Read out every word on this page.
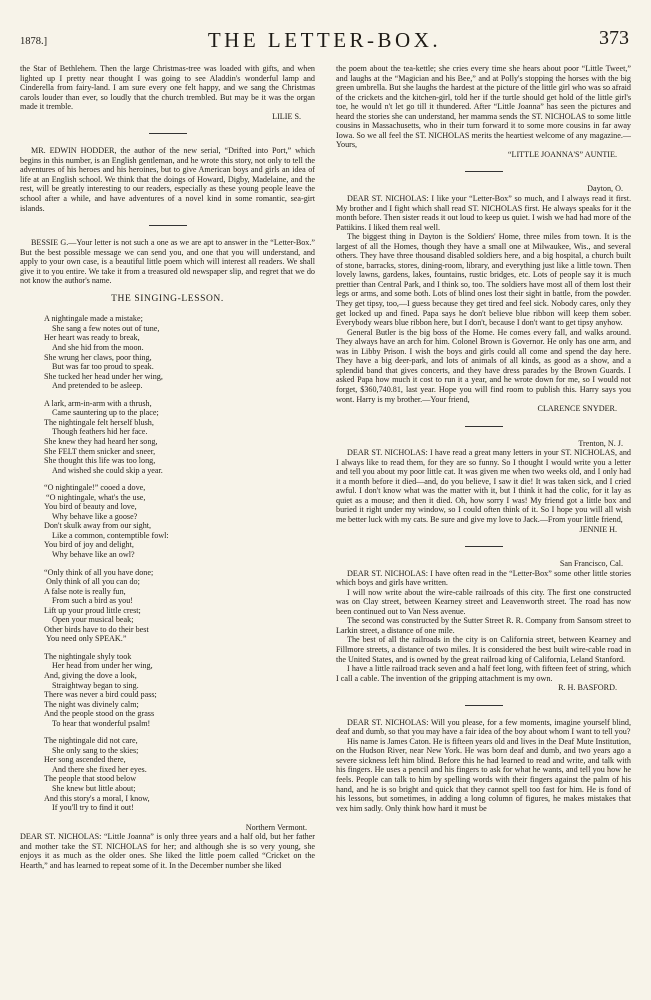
1878.]	THE LETTER-BOX.	373

the Star of Bethlehem. Then the large Christmas-tree was loaded with gifts, and when lighted up I pretty near thought I was going to see Aladdin's wonderful lamp and Cinderella from fairy-land. I am sure every one felt happy, and we sang the Christmas carols louder than ever, so loudly that the church trembled. But may be it was the organ made it tremble.

LILIE S.

MR. EDWIN HODDER, the author of the new serial, “Drifted into Port,” which begins in this number, is an English gentleman, and he wrote this story, not only to tell the adventures of his heroes and his heroines, but to give American boys and girls an idea of life at an English school. We think that the doings of Howard, Digby, Madelaine, and the rest, will be greatly interesting to our readers, especially as these young people leave the school after a while, and have adventures of a novel kind in some romantic, sea-girt islands.

BESSIE G.—Your letter is not such a one as we are apt to answer in the “Letter-Box.” But the best possible message we can send you, and one that you will understand, and apply to your own case, is a beautiful little poem which will interest all readers. We shall give it to you entire. We take it from a treasured old newspaper slip, and regret that we do not know the author's name.

THE SINGING-LESSON.
A nightingale made a mistake;
She sang a few notes out of tune,
Her heart was ready to break,
And she hid from the moon.
She wrung her claws, poor thing,
But was far too proud to speak.
She tucked her head under her wing,
And pretended to be asleep.
A lark, arm-in-arm with a thrush,
Came sauntering up to the place;
The nightingale felt herself blush,
Though feathers hid her face.
She knew they had heard her song,
She FELT them snicker and sneer,
She thought this life was too long,
And wished she could skip a year.
“O nightingale!” cooed a dove,
“O nightingale, what's the use,
You bird of beauty and love,
Why behave like a goose?
Don't skulk away from our sight,
Like a common, contemptible fowl:
You bird of joy and delight,
Why behave like an owl?
“Only think of all you have done;
Only think of all you can do;
A false note is really fun,
From such a bird as you!
Lift up your proud little crest;
Open your musical beak;
Other birds have to do their best
You need only SPEAK.”
The nightingale shyly took
Her head from under her wing,
And, giving the dove a look,
Straightway began to sing.
There was never a bird could pass;
The night was divinely calm;
And the people stood on the grass
To hear that wonderful psalm!
The nightingale did not care,
She only sang to the skies;
Her song ascended there,
And there she fixed her eyes.
The people that stood below
She knew but little about;
And this story's a moral, I know,
If you'll try to find it out!
Northern Vermont.

DEAR ST. NICHOLAS: “Little Joanna” is only three years and a half old, but her father and mother take the ST. NICHOLAS for her; and although she is so very young, she enjoys it as much as the older ones. She liked the little poem called “Cricket on the Hearth,” and has learned to repeat some of it. In the December number she liked

the poem about the tea-kettle; she cries every time she hears about poor “Little Tweet,” and laughs at the “Magician and his Bee,” and at Polly's stopping the horses with the big green umbrella. But she laughs the hardest at the picture of the little girl who was so afraid of the crickets and the kitchen-girl, told her if the turtle should get hold of the little girl's toe, he would n't let go till it thundered. After “Little Joanna” has seen the pictures and heard the stories she can understand, her mamma sends the ST. NICHOLAS to some little cousins in Massachusetts, who in their turn forward it to some more cousins in far away Iowa. So we all feel the ST. NICHOLAS merits the heartiest welcome of any magazine.—Yours,

“LITTLE JOANNA'S” AUNTIE.
Dayton, O.

DEAR ST. NICHOLAS: I like your “Letter-Box” so much, and I always read it first. My brother and I fight which shall read ST. NICHOLAS first. He always speaks for it the month before. Then sister reads it out loud to keep us quiet. I wish we had had more of the Pattikins. I liked them real well.

The biggest thing in Dayton is the Soldiers' Home, three miles from town. It is the largest of all the Homes, though they have a small one at Milwaukee, Wis., and several others. They have three thousand disabled soldiers here, and a big hospital, a church built of stone, barracks, stores, dining-room, library, and everything just like a little town. Then lovely lawns, gardens, lakes, fountains, rustic bridges, etc. Lots of people say it is much prettier than Central Park, and I think so, too. The soldiers have most all of them lost their legs or arms, and some both. Lots of blind ones lost their sight in battle, from the powder. They get tipsy, too,—I guess because they get tired and feel sick. Nobody cares, only they get locked up and fined. Papa says he don't believe blue ribbon will keep them sober. Everybody wears blue ribbon here, but I don't, because I don't want to get tipsy anyhow.

General Butler is the big boss of the Home. He comes every fall, and walks around. They always have an arch for him. Colonel Brown is Governor. He only has one arm, and was in Libby Prison. I wish the boys and girls could all come and spend the day here. They have a big deer-park, and lots of animals of all kinds, as good as a show, and a splendid band that gives concerts, and they have dress parades by the Brown Guards. I asked Papa how much it cost to run it a year, and he wrote down for me, so I would not forget, $360,740.81, last year. Hope you will find room to publish this. Harry says you wont. Harry is my brother.—Your friend,

CLARENCE SNYDER.
Trenton, N. J.

DEAR ST. NICHOLAS: I have read a great many letters in your ST. NICHOLAS, and I always like to read them, for they are so funny. So I thought I would write you a letter and tell you about my poor little cat. It was given me when two weeks old, and I only had it a month before it died—and, do you believe, I saw it die! It was taken sick, and I cried awful. I don't know what was the matter with it, but I think it had the colic, for it lay as quiet as a mouse; and then it died. Oh, how sorry I was! My friend got a little box and buried it right under my window, so I could often think of it. So I hope you will all wish me better luck with my cats. Be sure and give my love to Jack.—From your little friend,

JENNIE H.
San Francisco, Cal.

DEAR ST. NICHOLAS: I have often read in the “Letter-Box” some other little stories which boys and girls have written.

I will now write about the wire-cable railroads of this city. The first one constructed was on Clay street, between Kearney street and Leavenworth street. The road has now been continued out to Van Ness avenue.

The second was constructed by the Sutter Street R. R. Company from Sansom street to Larkin street, a distance of one mile.

The best of all the railroads in the city is on California street, between Kearney and Fillmore streets, a distance of two miles. It is considered the best built wire-cable road in the United States, and is owned by the great railroad king of California, Leland Stanford.

I have a little railroad track seven and a half feet long, with fifteen feet of string, which I call a cable. The invention of the gripping attachment is my own.

R. H. BASFORD.

DEAR ST. NICHOLAS: Will you please, for a few moments, imagine yourself blind, deaf and dumb, so that you may have a fair idea of the boy about whom I want to tell you?

His name is James Caton. He is fifteen years old and lives in the Deaf Mute Institution, on the Hudson River, near New York. He was born deaf and dumb, and two years ago a severe sickness left him blind. Before this he had learned to read and write, and talk with his fingers. He uses a pencil and his fingers to ask for what he wants, and tell you how he feels. People can talk to him by spelling words with their fingers against the palm of his hand, and he is so bright and quick that they cannot spell too fast for him. He is fond of his lessons, but sometimes, in adding a long column of figures, he makes mistakes that vex him sadly. Only think how hard it must be
